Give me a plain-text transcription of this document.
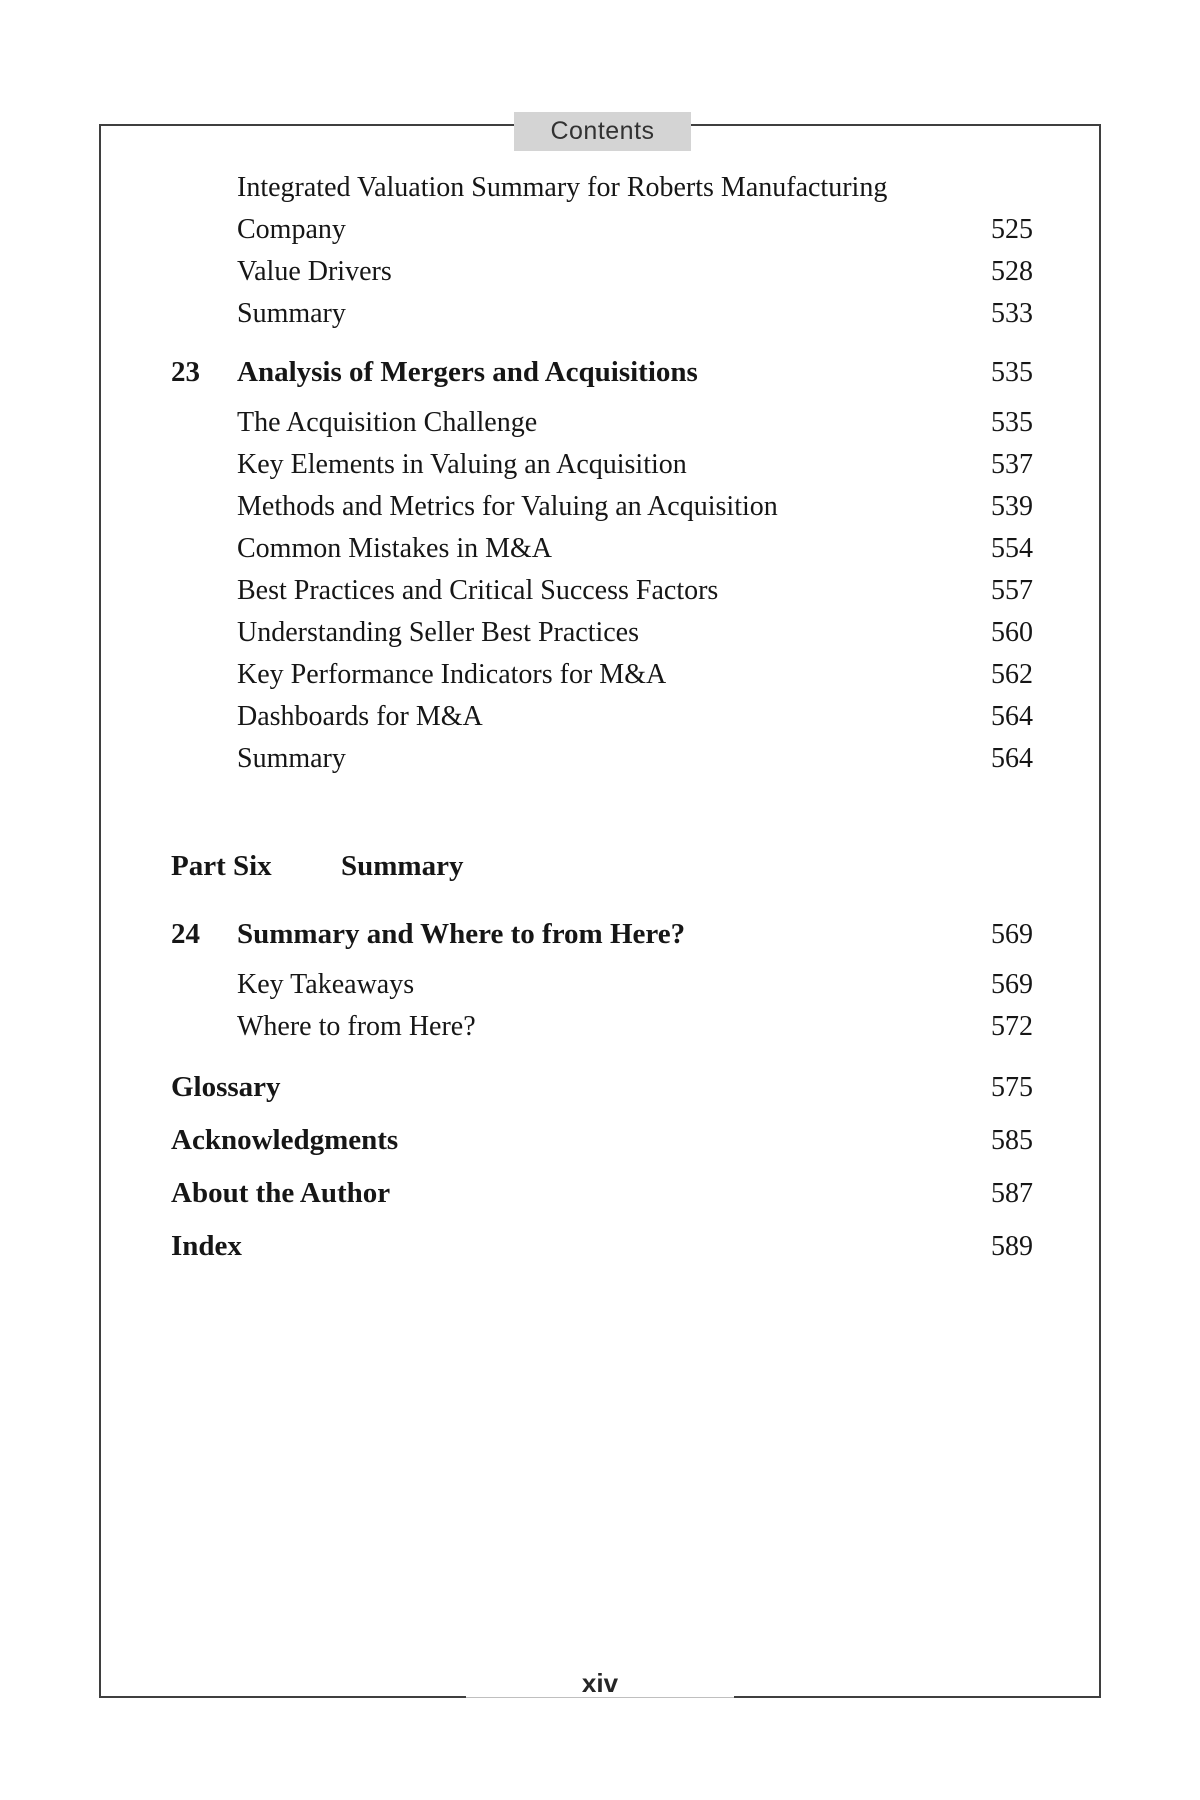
Contents
Integrated Valuation Summary for Roberts Manufacturing
Company	525
Value Drivers	528
Summary	533
23	Analysis of Mergers and Acquisitions	535
The Acquisition Challenge	535
Key Elements in Valuing an Acquisition	537
Methods and Metrics for Valuing an Acquisition	539
Common Mistakes in M&A	554
Best Practices and Critical Success Factors	557
Understanding Seller Best Practices	560
Key Performance Indicators for M&A	562
Dashboards for M&A	564
Summary	564
Part Six	Summary
24	Summary and Where to from Here?	569
Key Takeaways	569
Where to from Here?	572
Glossary	575
Acknowledgments	585
About the Author	587
Index	589
xiv
